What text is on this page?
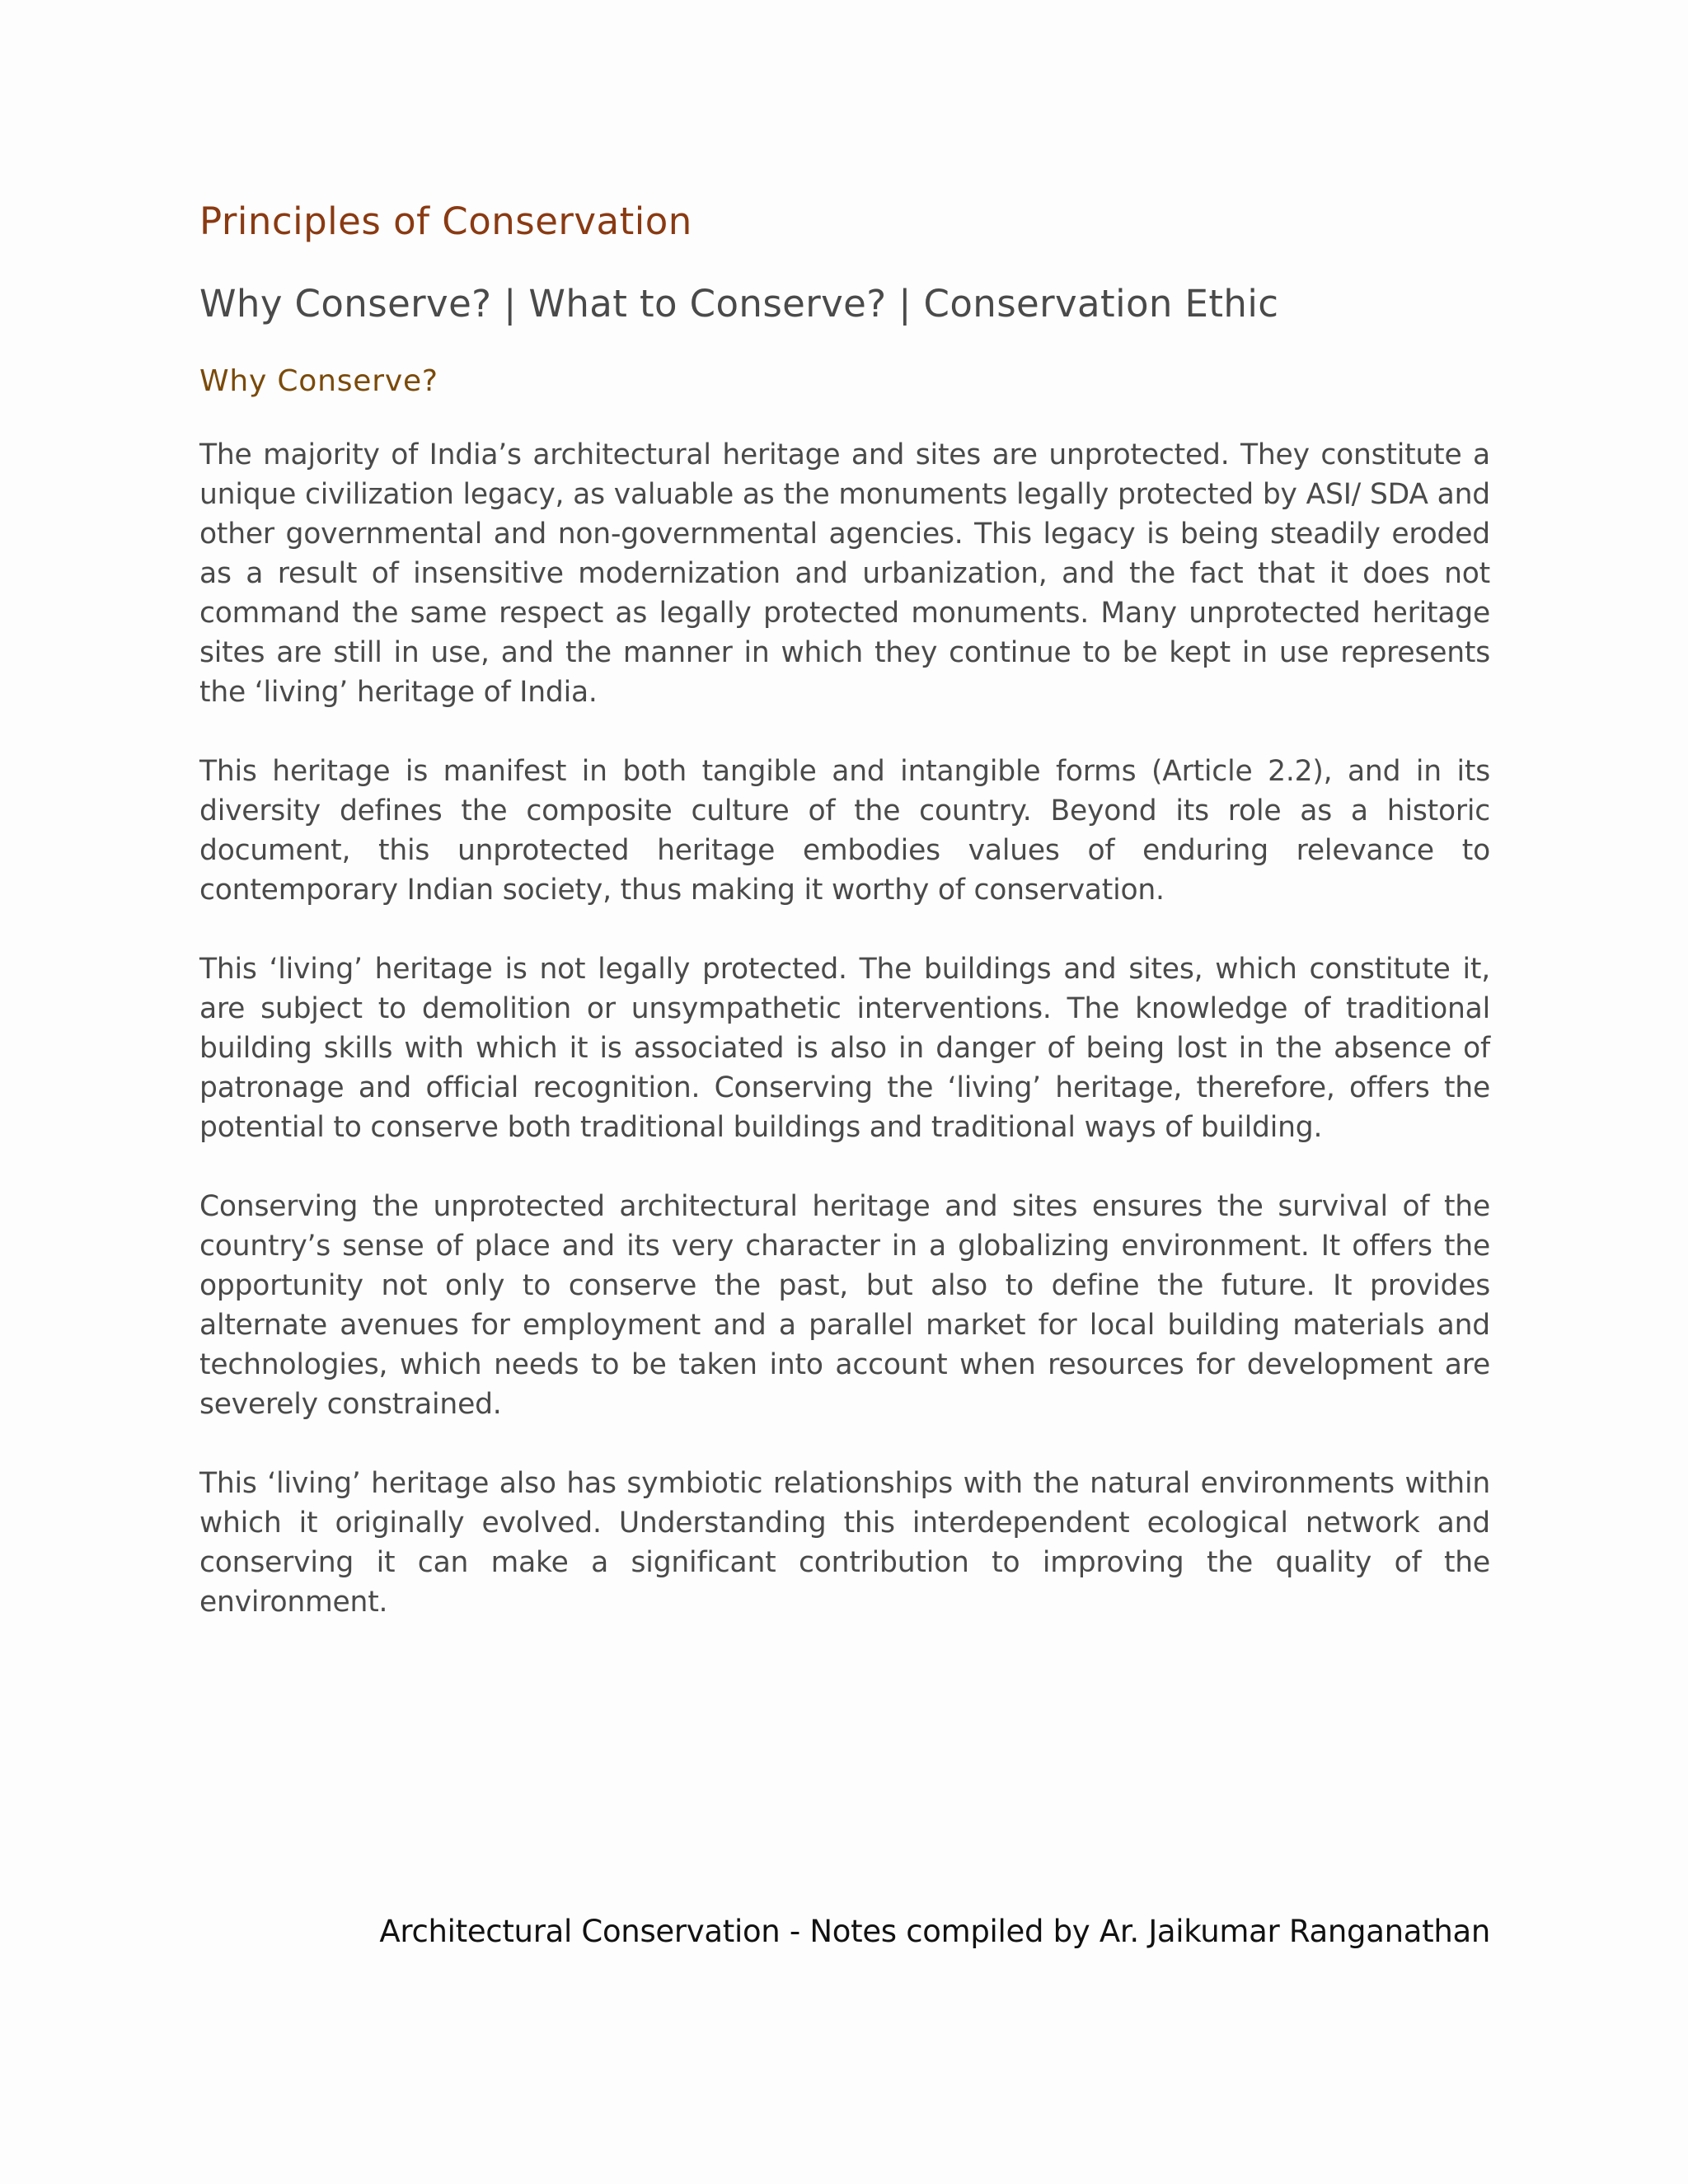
Principles of Conservation
Why Conserve? | What to Conserve? | Conservation Ethic
Why Conserve?

The majority of India’s architectural heritage and sites are unprotected. They constitute a unique civilization legacy, as valuable as the monuments legally protected by ASI/ SDA and other governmental and non-governmental agencies. This legacy is being steadily eroded as a result of insensitive modernization and urbanization, and the fact that it does not command the same respect as legally protected monuments. Many unprotected heritage sites are still in use, and the manner in which they continue to be kept in use represents the ‘living’ heritage of India.

This heritage is manifest in both tangible and intangible forms (Article 2.2), and in its diversity defines the composite culture of the country. Beyond its role as a historic document, this unprotected heritage embodies values of enduring relevance to contemporary Indian society, thus making it worthy of conservation.

This ‘living’ heritage is not legally protected. The buildings and sites, which constitute it, are subject to demolition or unsympathetic interventions. The knowledge of traditional building skills with which it is associated is also in danger of being lost in the absence of patronage and official recognition. Conserving the ‘living’ heritage, therefore, offers the potential to conserve both traditional buildings and traditional ways of building.

Conserving the unprotected architectural heritage and sites ensures the survival of the country’s sense of place and its very character in a globalizing environment. It offers the opportunity not only to conserve the past, but also to define the future. It provides alternate avenues for employment and a parallel market for local building materials and technologies, which needs to be taken into account when resources for development are severely constrained.

This ‘living’ heritage also has symbiotic relationships with the natural environments within which it originally evolved. Understanding this interdependent ecological network and conserving it can make a significant contribution to improving the quality of the environment.

Architectural Conservation - Notes compiled by Ar. Jaikumar Ranganathan
